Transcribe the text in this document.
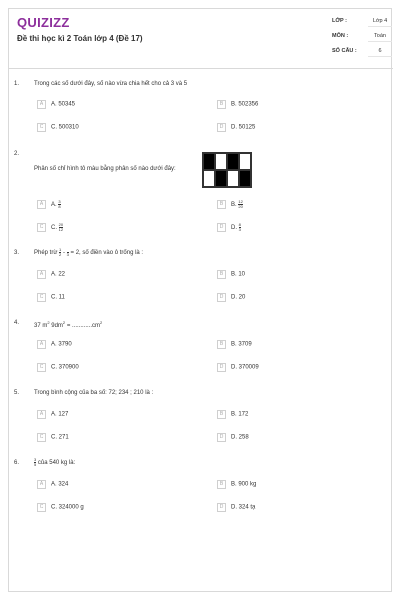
QUIZIZZ
Đề thi học kì 2 Toán lớp 4 (Đề 17)
LỚP :	Lớp 4
MÔN :	Toán
SỐ CÂU :	6
1. Trong các số dưới đây, số nào vừa chia hết cho cả 3 và 5
A A. 50345	B B. 502356
C C. 500310	D D. 50125
2.
Phân số chỉ hình tô màu bằng phân số nào dưới đây:
A A. $\frac{3}{8}$	B B. $\frac{12}{20}$
C C. $\frac{20}{12}$	D D. $\frac{8}{3}$
3. Phép trừ $\frac{1}{2}$ -
3 = 2, số điền vào ô trống là :
A A. 22	B B. 10
C C. 11	D D. 20
4. 37 $m^2$ $9dm^2 = ............cm^2$
A A. 3790	B B. 3709
C C. 370900	D D. 370009
5. Trong bình cộng của ba số: 72; 234 ; 210 là :
A A. 127	B B. 172
C C. 271	D D. 258
6.	$\frac{3}{5}$ của 540 kg là:
A A. 324	B B. 900 kg
C C. 324000 g	D D. 324 tạ
